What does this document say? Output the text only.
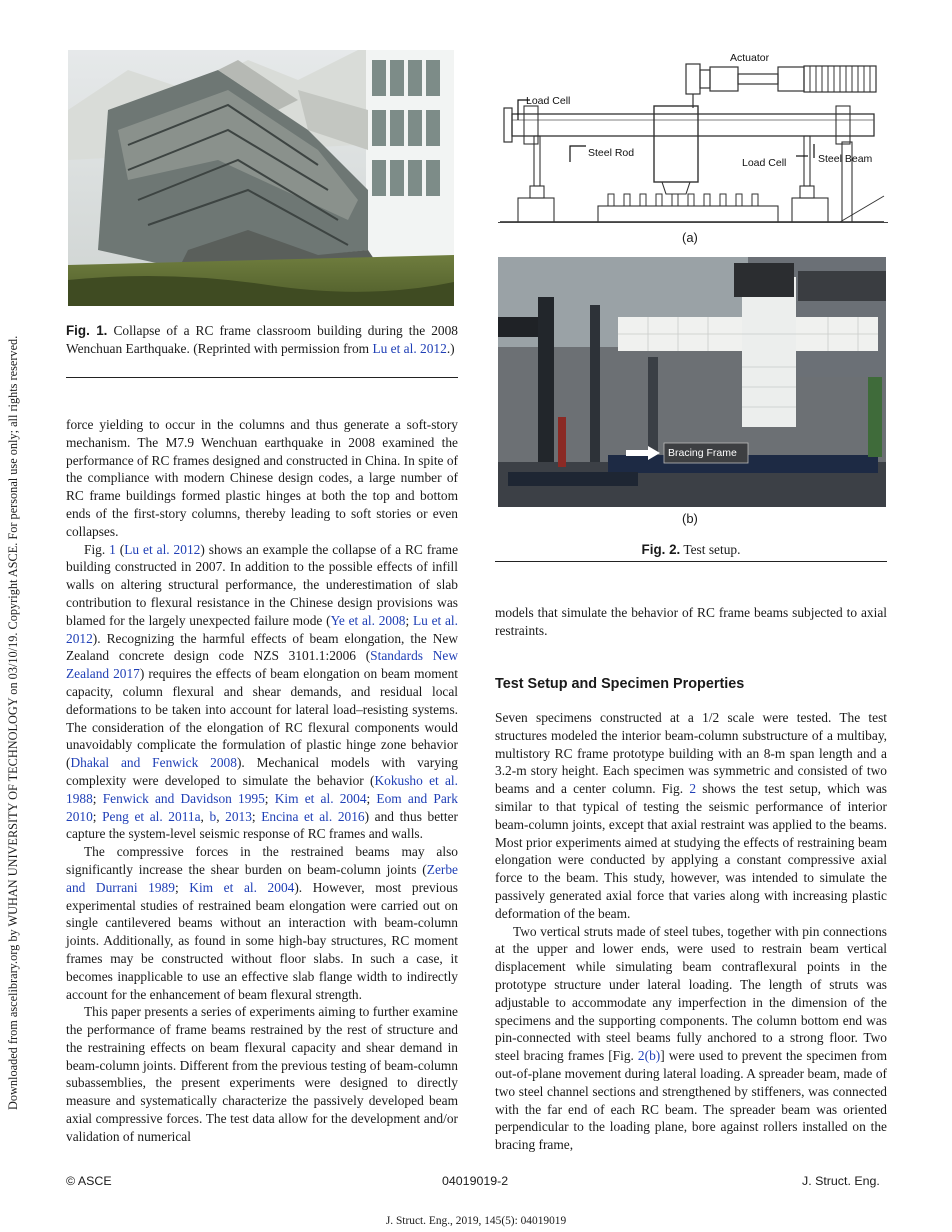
Downloaded from ascelibrary.org by WUHAN UNIVERSITY OF TECHNOLOGY on 03/10/19. Copyright ASCE. For personal use only; all rights reserved.
Fig. 1. Collapse of a RC frame classroom building during the 2008 Wenchuan Earthquake. (Reprinted with permission from Lu et al. 2012.)
Actuator
Load Cell
Steel Rod
Load Cell	Steel Beam
(a)
Bracing Frame
(b)
Fig. 2. Test setup.

force yielding to occur in the columns and thus generate a soft-story mechanism. The M7.9 Wenchuan earthquake in 2008 examined the performance of RC frames designed and constructed in China. In spite of the compliance with modern Chinese design codes, a large number of RC frame buildings formed plastic hinges at both the top and bottom ends of the first-story columns, thereby leading to soft stories or even collapses.

Fig. 1 (Lu et al. 2012) shows an example the collapse of a RC frame building constructed in 2007. In addition to the possible effects of infill walls on altering structural performance, the underestimation of slab contribution to flexural resistance in the Chinese design provisions was blamed for the largely unexpected failure mode (Ye et al. 2008; Lu et al. 2012). Recognizing the harmful effects of beam elongation, the New Zealand concrete design code NZS 3101.1:2006 (Standards New Zealand 2017) requires the effects of beam elongation on beam moment capacity, column flexural and shear demands, and residual local deformations to be taken into account for lateral load–resisting systems. The consideration of the elongation of RC flexural components would unavoidably complicate the formulation of plastic hinge zone behavior (Dhakal and Fenwick 2008). Mechanical models with varying complexity were developed to simulate the behavior (Kokusho et al. 1988; Fenwick and Davidson 1995; Kim et al. 2004; Eom and Park 2010; Peng et al. 2011a, b, 2013; Encina et al. 2016) and thus better capture the system-level seismic response of RC frames and walls.

The compressive forces in the restrained beams may also significantly increase the shear burden on beam-column joints (Zerbe and Durrani 1989; Kim et al. 2004). However, most previous experimental studies of restrained beam elongation were carried out on single cantilevered beams without an interaction with beam-column joints. Additionally, as found in some high-bay structures, RC moment frames may be constructed without floor slabs. In such a case, it becomes inapplicable to use an effective slab flange width to indirectly account for the enhancement of beam flexural strength.

This paper presents a series of experiments aiming to further examine the performance of frame beams restrained by the rest of structure and the restraining effects on beam flexural capacity and shear demand in beam-column joints. Different from the previous testing of beam-column subassemblies, the present experiments were designed to directly measure and systematically characterize the passively developed beam axial compressive forces. The test data allow for the development and/or validation of numerical

models that simulate the behavior of RC frame beams subjected to axial restraints.

Test Setup and Specimen Properties

Seven specimens constructed at a 1/2 scale were tested. The test structures modeled the interior beam-column substructure of a multibay, multistory RC frame prototype building with an 8-m span length and a 3.2-m story height. Each specimen was symmetric and consisted of two beams and a center column. Fig. 2 shows the test setup, which was similar to that typical of testing the seismic performance of interior beam-column joints, except that axial restraint was applied to the beams. Most prior experiments aimed at studying the effects of restraining beam elongation were conducted by applying a constant compressive axial force to the beam. This study, however, was intended to simulate the passively generated axial force that varies along with increasing plastic deformation of the beam.

Two vertical struts made of steel tubes, together with pin connections at the upper and lower ends, were used to restrain beam vertical displacement while simulating beam contraflexural points in the prototype structure under lateral loading. The length of struts was adjustable to accommodate any imperfection in the dimension of the specimens and the supporting components. The column bottom end was pin-connected with steel beams fully anchored to a strong floor. Two steel bracing frames [Fig. 2(b)] were used to prevent the specimen from out-of-plane movement during lateral loading. A spreader beam, made of two steel channel sections and strengthened by stiffeners, was connected with the far end of each RC beam. The spreader beam was oriented perpendicular to the loading plane, bore against rollers installed on the bracing frame,

© ASCE	04019019-2	J. Struct. Eng.
J. Struct. Eng., 2019, 145(5): 04019019
